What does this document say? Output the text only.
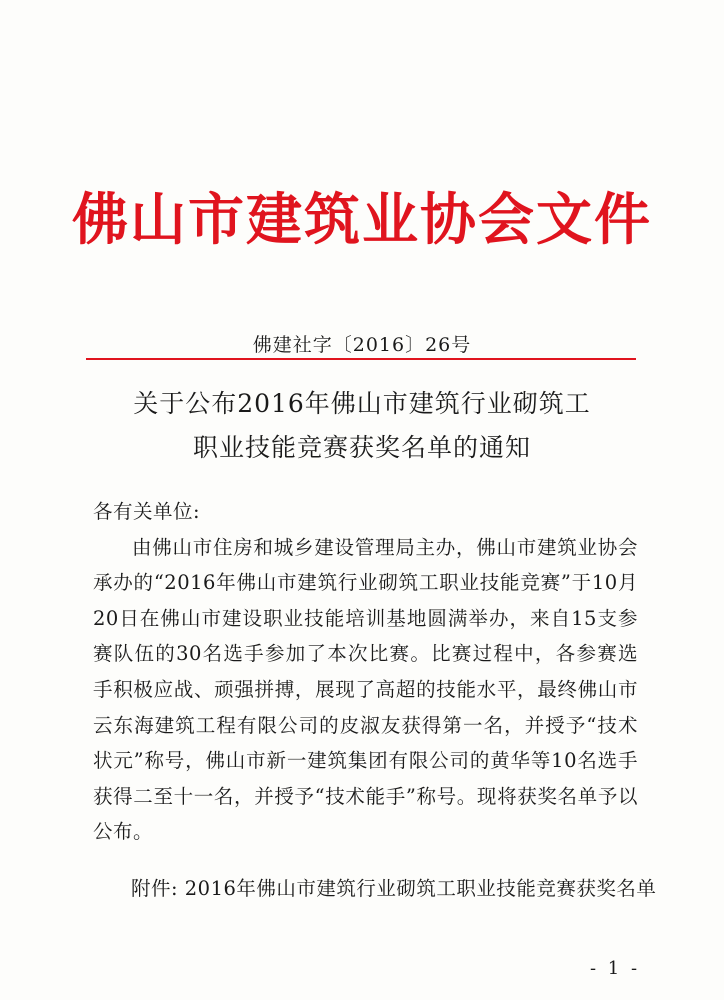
佛山市建筑业协会文件
佛建社字〔2016〕26号
关于公布2016年佛山市建筑行业砌筑工
职业技能竞赛获奖名单的通知

各有关单位:

由佛山市住房和城乡建设管理局主办，佛山市建筑业协会承办的“2016年佛山市建筑行业砌筑工职业技能竞赛”于10月20日在佛山市建设职业技能培训基地圆满举办，来自15支参赛队伍的30名选手参加了本次比赛。比赛过程中，各参赛选手积极应战、顽强拼搏，展现了高超的技能水平，最终佛山市云东海建筑工程有限公司的皮淑友获得第一名，并授予“技术状元”称号，佛山市新一建筑集团有限公司的黄华等10名选手获得二至十一名，并授予“技术能手”称号。现将获奖名单予以公布。

附件: 2016年佛山市建筑行业砌筑工职业技能竞赛获奖名单
- 1 -
